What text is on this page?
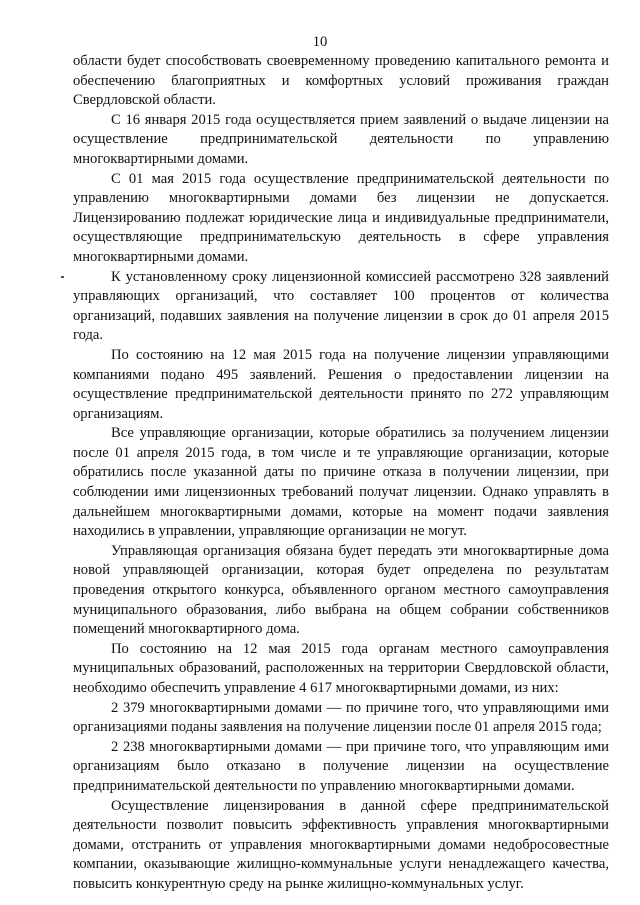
10

области будет способствовать своевременному проведению капитального ремонта и обеспечению благоприятных и комфортных условий проживания граждан Свердловской области.

С 16 января 2015 года осуществляется прием заявлений о выдаче лицензии на осуществление предпринимательской деятельности по управлению многоквартирными домами.

С 01 мая 2015 года осуществление предпринимательской деятельности по управлению многоквартирными домами без лицензии не допускается. Лицензированию подлежат юридические лица и индивидуальные предприниматели, осуществляющие предпринимательскую деятельность в сфере управления многоквартирными домами.

К установленному сроку лицензионной комиссией рассмотрено 328 заявлений управляющих организаций, что составляет 100 процентов от количества организаций, подавших заявления на получение лицензии в срок до 01 апреля 2015 года.

По состоянию на 12 мая 2015 года на получение лицензии управляющими компаниями подано 495 заявлений. Решения о предоставлении лицензии на осуществление предпринимательской деятельности принято по 272 управляющим организациям.

Все управляющие организации, которые обратились за получением лицензии после 01 апреля 2015 года, в том числе и те управляющие организации, которые обратились после указанной даты по причине отказа в получении лицензии, при соблюдении ими лицензионных требований получат лицензии. Однако управлять в дальнейшем многоквартирными домами, которые на момент подачи заявления находились в управлении, управляющие организации не могут.

Управляющая организация обязана будет передать эти многоквартирные дома новой управляющей организации, которая будет определена по результатам проведения открытого конкурса, объявленного органом местного самоуправления муниципального образования, либо выбрана на общем собрании собственников помещений многоквартирного дома.

По состоянию на 12 мая 2015 года органам местного самоуправления муниципальных образований, расположенных на территории Свердловской области, необходимо обеспечить управление 4 617 многоквартирными домами, из них:

2 379 многоквартирными домами — по причине того, что управляющими ими организациями поданы заявления на получение лицензии после 01 апреля 2015 года;

2 238 многоквартирными домами — при причине того, что управляющим ими организациям было отказано в получение лицензии на осуществление предпринимательской деятельности по управлению многоквартирными домами.

Осуществление лицензирования в данной сфере предпринимательской деятельности позволит повысить эффективность управления многоквартирными домами, отстранить от управления многоквартирными домами недобросовестные компании, оказывающие жилищно-коммунальные услуги ненадлежащего качества, повысить конкурентную среду на рынке жилищно-коммунальных услуг.
